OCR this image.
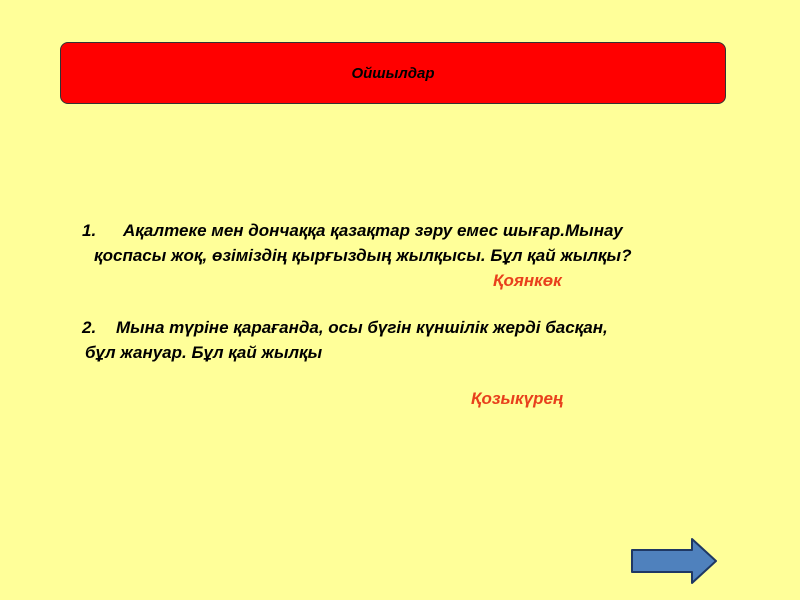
Ойшылдар
1. Ақалтеке мен дончаққа қазақтар зәру емес шығар.Мынау
қоспасы жоқ, өзіміздің қырғыздың жылқысы. Бұл қай жылқы?
Қоянкөк
2. Мына түріне қарағанда, осы бүгін күншілік жерді басқан,
бұл жануар. Бұл қай жылқы
Қозыкүрең
